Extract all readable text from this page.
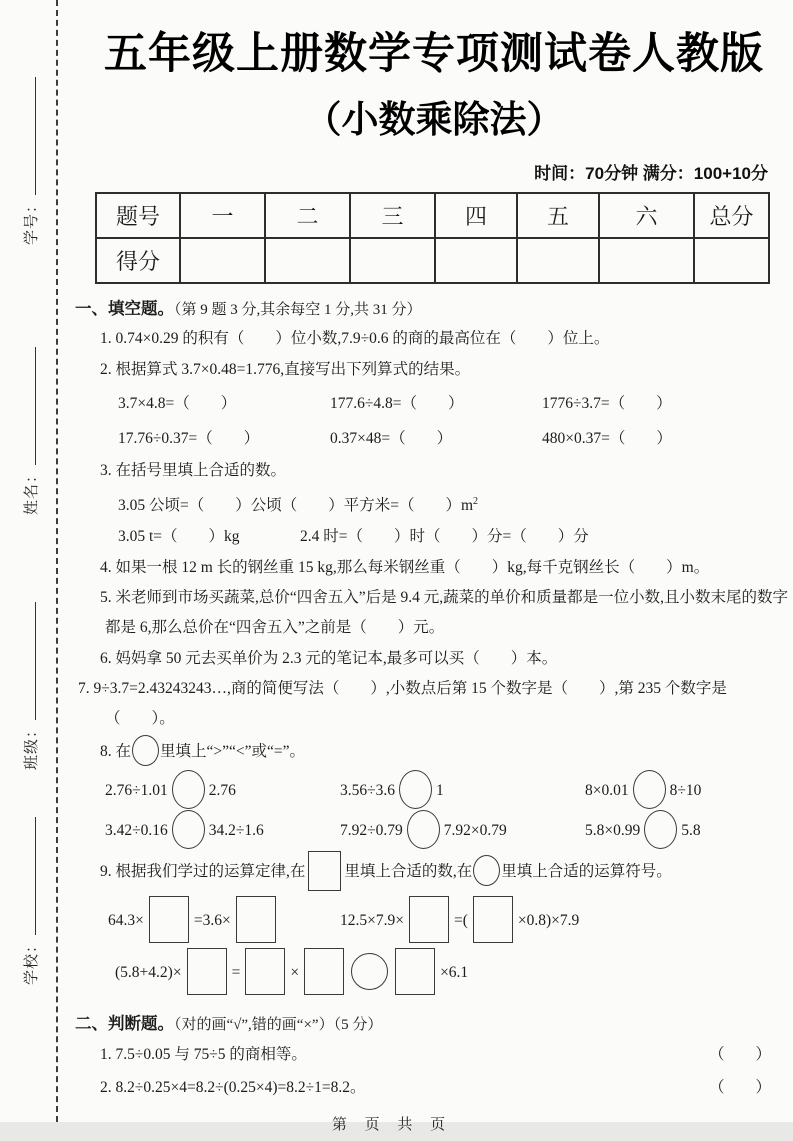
学号：
姓名：
班级：
学校：
五年级上册数学专项测试卷人教版
（小数乘除法）
时间：70分钟 满分：100+10分
题号	一	二	三	四	五	六	总分
得分							
一、填空题。（第 9 题 3 分,其余每空 1 分,共 31 分）
1. 0.74×0.29 的积有（　　）位小数,7.9÷0.6 的商的最高位在（　　）位上。
2. 根据算式 3.7×0.48=1.776,直接写出下列算式的结果。
3.7×4.8=（　　）	177.6÷4.8=（　　）	1776÷3.7=（　　）
17.76÷0.37=（　　）	0.37×48=（　　）	480×0.37=（　　）
3. 在括号里填上合适的数。
3.05 公顷=（　　）公顷（　　）平方米=（　　）$m^2$
3.05 t=（　　）kg	2.4 时=（　　）时（　　）分=（　　）分
4. 如果一根 12 m 长的钢丝重 15 kg,那么每米钢丝重（　　）kg,每千克钢丝长（　　）m。
5. 米老师到市场买蔬菜,总价“四舍五入”后是 9.4 元,蔬菜的单价和质量都是一位小数,且小数末尾的数字都是 6,那么总价在“四舍五入”之前是（　　）元。
6. 妈妈拿 50 元去买单价为 2.3 元的笔记本,最多可以买（　　）本。
7. 9÷3.7=2.43243243…,商的简便写法（　　）,小数点后第 15 个数字是（　　）,第 235 个数字是（　　）。
8. 在 里填上“>”“<”或“=”。
2.76÷1.01	2.76	3.56÷3.6	1	8×0.01	8÷10
3.42÷0.16	34.2÷1.6	7.92÷0.79	7.92×0.79	5.8×0.99	5.8
9. 根据我们学过的运算定律,在	里填上合适的数,在 里填上合适的运算符号。
64.3×	=3.6×	12.5×7.9×	=(	×0.8)×7.9
(5.8+4.2)×	=	×	×6.1
二、判断题。（对的画“√”,错的画“×”）（5 分）
1. 7.5÷0.05 与 75÷5 的商相等。	（　　）
2. 8.2÷0.25×4=8.2÷(0.25×4)=8.2÷1=8.2。	（　　）
第 页 共 页
